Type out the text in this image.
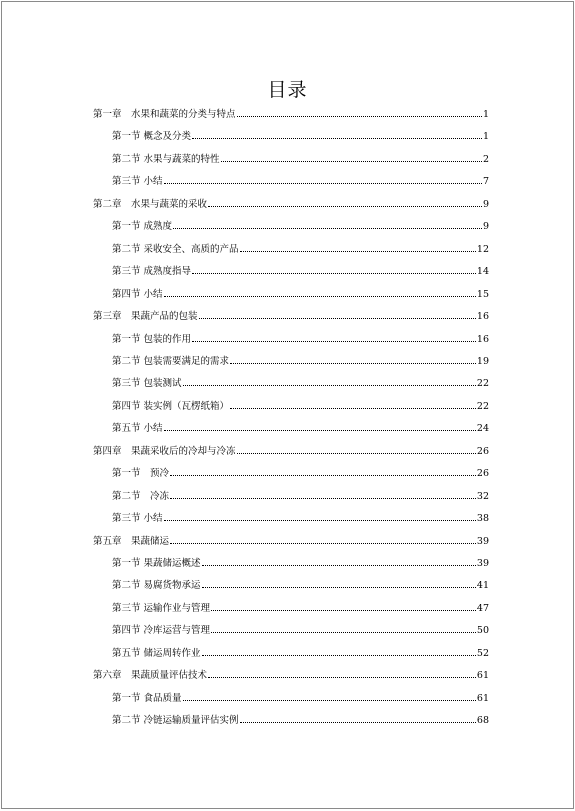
目录
第一章　水果和蔬菜的分类与特点	1
第一节 概念及分类	1
第二节 水果与蔬菜的特性	2
第三节 小结	7
第二章　水果与蔬菜的采收	9
第一节 成熟度	9
第二节 采收安全、高质的产品	12
第三节 成熟度指导	14
第四节 小结	15
第三章　果蔬产品的包装	16
第一节 包装的作用	16
第二节 包装需要满足的需求	19
第三节 包装测试	22
第四节 装实例（瓦楞纸箱）	22
第五节 小结	24
第四章　果蔬采收后的冷却与冷冻	26
第一节　预冷	26
第二节　冷冻	32
第三节 小结	38
第五章　果蔬储运	39
第一节 果蔬储运概述	39
第二节 易腐货物承运	41
第三节 运输作业与管理	47
第四节 冷库运营与管理	50
第五节 储运周转作业	52
第六章　果蔬质量评估技术	61
第一节 食品质量	61
第二节 冷链运输质量评估实例	68
